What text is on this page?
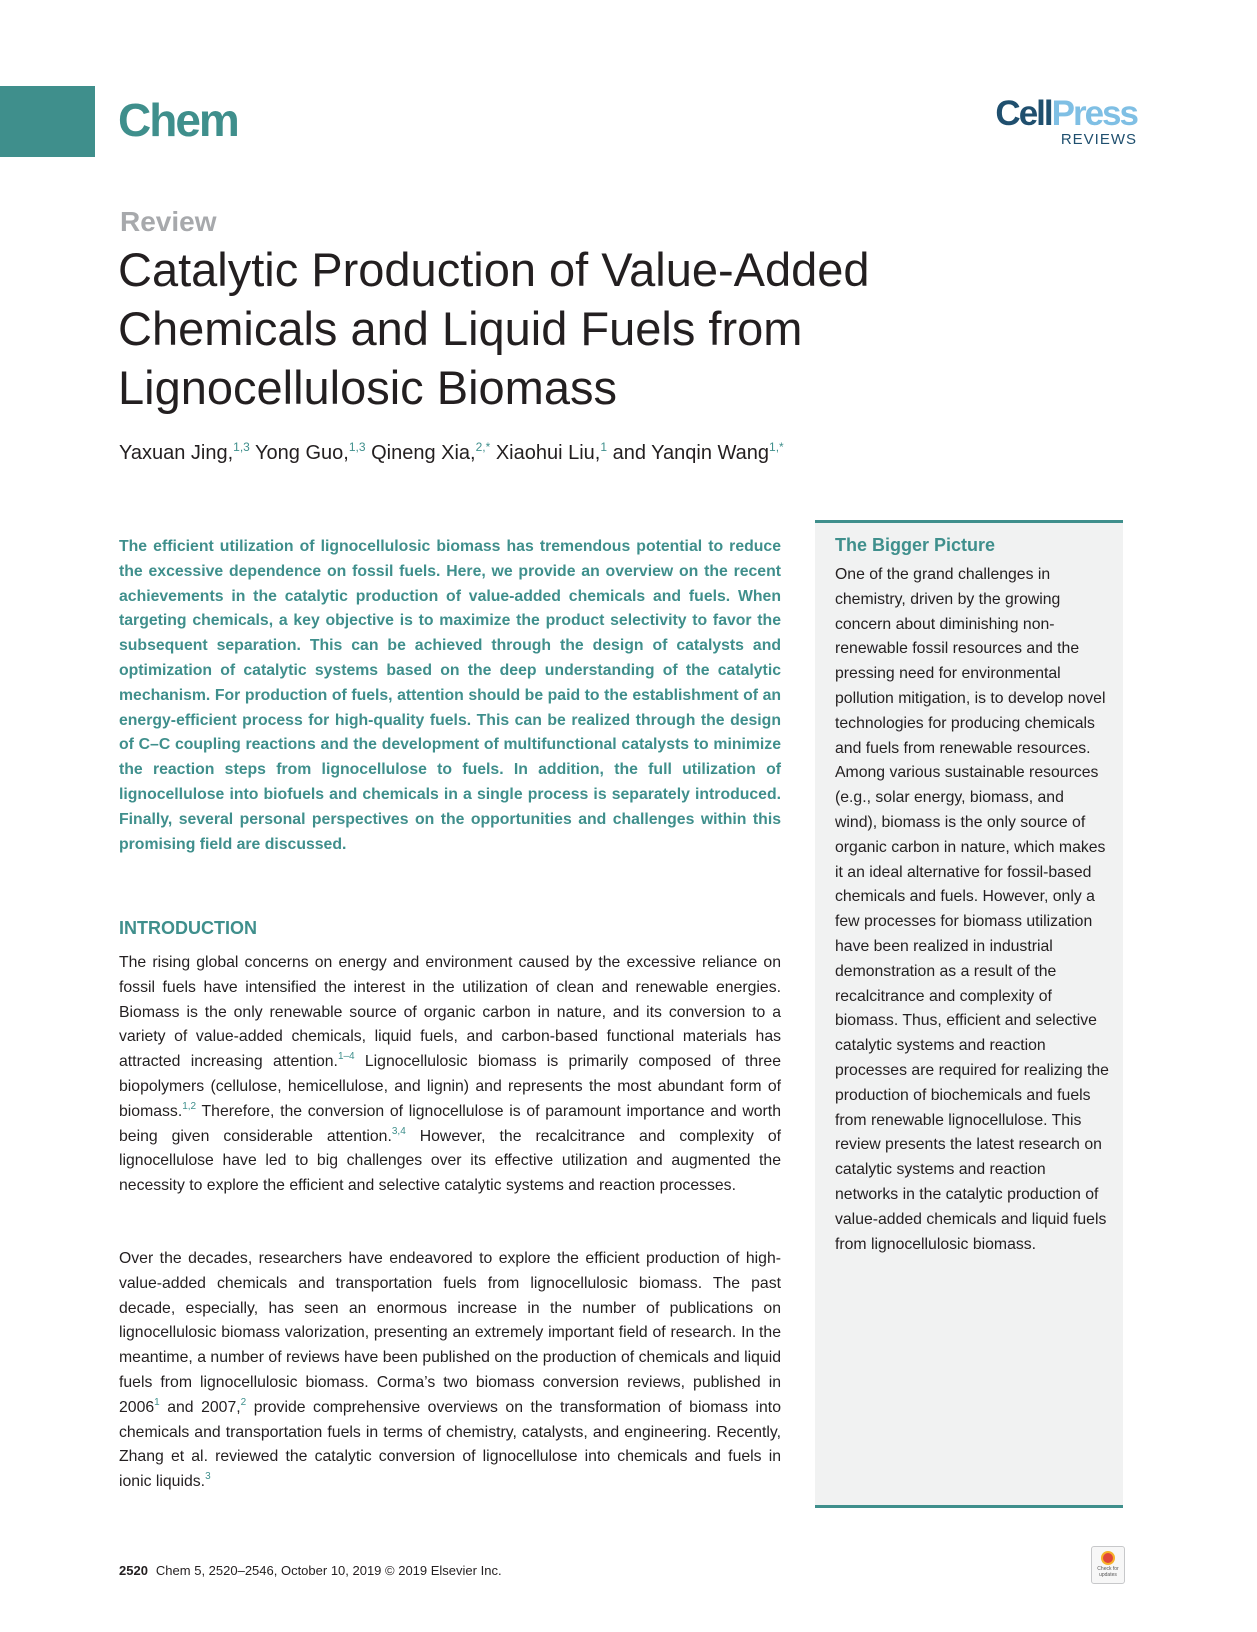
Chem	CellPress
REVIEWS
Review
Catalytic Production of Value-Added Chemicals and Liquid Fuels from Lignocellulosic Biomass
Yaxuan Jing,$^{1,3}$ Yong Guo,$^{1,3}$ Qineng Xia,$^{2,*}$ Xiaohui Liu,$^1$ and Yanqin Wang$^{1,*}$

The efficient utilization of lignocellulosic biomass has tremendous potential to reduce the excessive dependence on fossil fuels. Here, we provide an overview on the recent achievements in the catalytic production of value-added chemicals and fuels. When targeting chemicals, a key objective is to maximize the product selectivity to favor the subsequent separation. This can be achieved through the design of catalysts and optimization of catalytic systems based on the deep understanding of the catalytic mechanism. For production of fuels, attention should be paid to the establishment of an energy-efficient process for high-quality fuels. This can be realized through the design of C–C coupling reactions and the development of multifunctional catalysts to minimize the reaction steps from lignocellulose to fuels. In addition, the full utilization of lignocellulose into biofuels and chemicals in a single process is separately introduced. Finally, several personal perspectives on the opportunities and challenges within this promising field are discussed.

INTRODUCTION

The rising global concerns on energy and environment caused by the excessive reliance on fossil fuels have intensified the interest in the utilization of clean and renewable energies. Biomass is the only renewable source of organic carbon in nature, and its conversion to a variety of value-added chemicals, liquid fuels, and carbon-based functional materials has attracted increasing attention.$^{1-4}$ Lignocellulosic biomass is primarily composed of three biopolymers (cellulose, hemicellulose, and lignin) and represents the most abundant form of biomass.$^{1,2}$ Therefore, the conversion of lignocellulose is of paramount importance and worth being given considerable attention.$^{3,4}$ However, the recalcitrance and complexity of lignocellulose have led to big challenges over its effective utilization and augmented the necessity to explore the efficient and selective catalytic systems and reaction processes.

Over the decades, researchers have endeavored to explore the efficient production of high-value-added chemicals and transportation fuels from lignocellulosic biomass. The past decade, especially, has seen an enormous increase in the number of publications on lignocellulosic biomass valorization, presenting an extremely important field of research. In the meantime, a number of reviews have been published on the production of chemicals and liquid fuels from lignocellulosic biomass. Corma’s two biomass conversion reviews, published in 2006$^1$ and 2007,$^2$ provide comprehensive overviews on the transformation of biomass into chemicals and transportation fuels in terms of chemistry, catalysts, and engineering. Recently, Zhang et al. reviewed the catalytic conversion of lignocellulose into chemicals and fuels in ionic liquids.$^3$

The Bigger Picture

One of the grand challenges in chemistry, driven by the growing concern about diminishing non-renewable fossil resources and the pressing need for environmental pollution mitigation, is to develop novel technologies for producing chemicals and fuels from renewable resources. Among various sustainable resources (e.g., solar energy, biomass, and wind), biomass is the only source of organic carbon in nature, which makes it an ideal alternative for fossil-based chemicals and fuels. However, only a few processes for biomass utilization have been realized in industrial demonstration as a result of the recalcitrance and complexity of biomass. Thus, efficient and selective catalytic systems and reaction processes are required for realizing the production of biochemicals and fuels from renewable lignocellulose. This review presents the latest research on catalytic systems and reaction networks in the catalytic production of value-added chemicals and liquid fuels from lignocellulosic biomass.

2520 Chem 5, 2520–2546, October 10, 2019 © 2019 Elsevier Inc.	Check for updates
